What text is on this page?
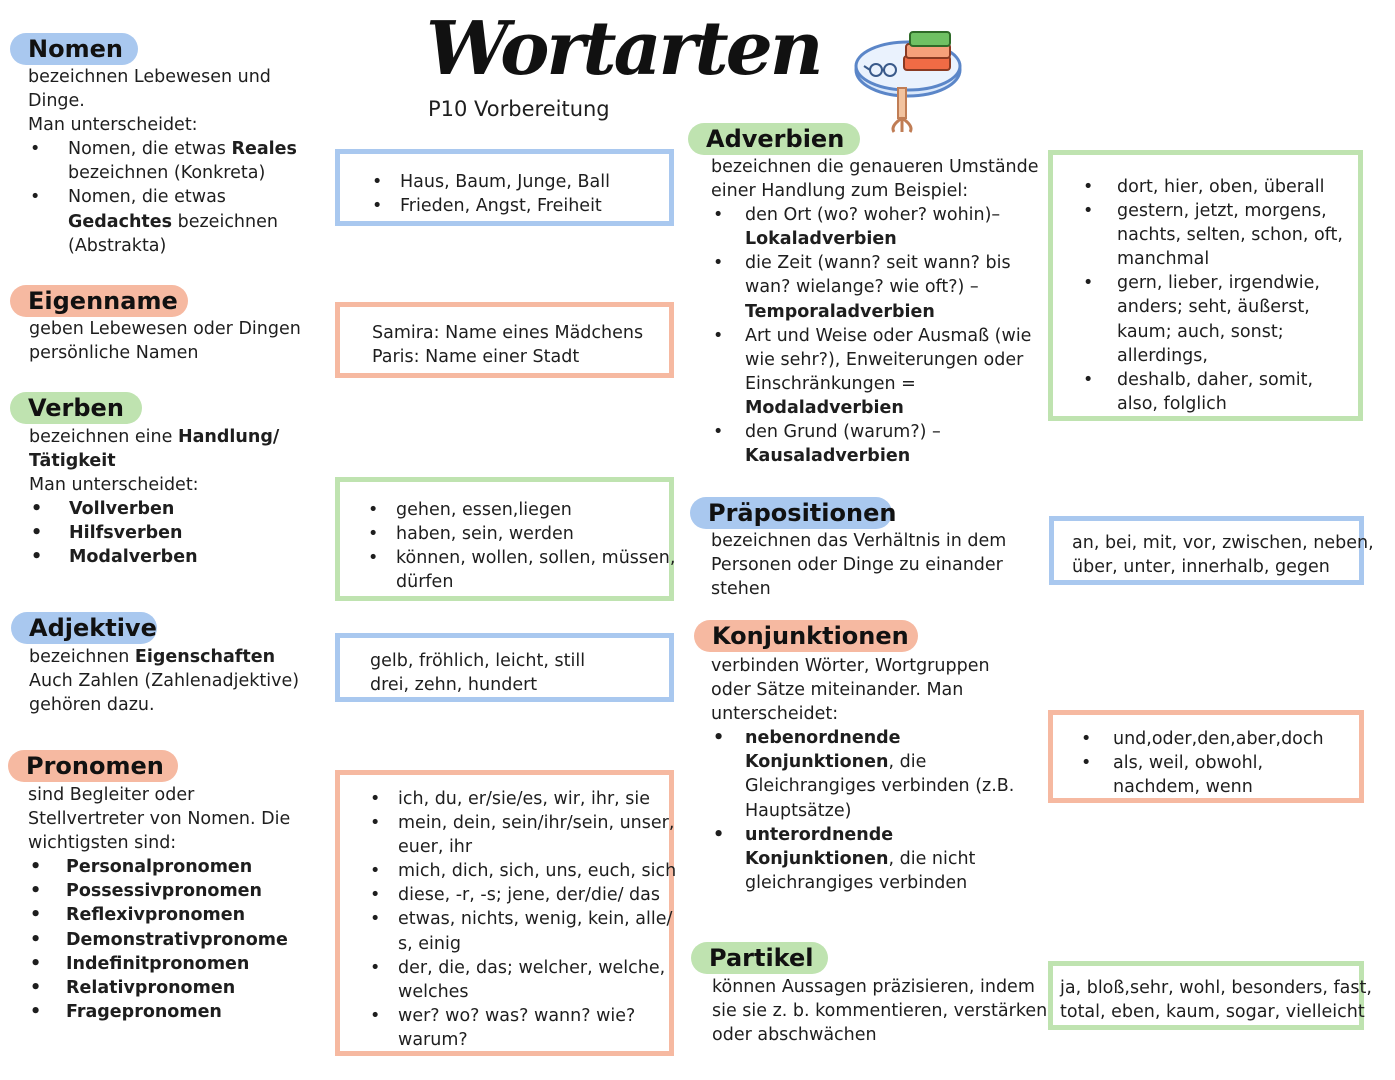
Wortarten
P10 Vorbereitung
Nomen
bezeichnen Lebewesen und
Dinge.
Man unterscheidet:
• Nomen, die etwas Reales
bezeichnen (Konkreta)
• Nomen, die etwas
Gedachtes bezeichnen
(Abstrakta)
• Haus, Baum, Junge, Ball
• Frieden, Angst, Freiheit
Eigenname
geben Lebewesen oder Dingen
persönliche Namen
Samira: Name eines Mädchens
Paris: Name einer Stadt
Verben
bezeichnen eine Handlung/
Tätigkeit
Man unterscheidet:
• Vollverben
• Hilfsverben
• Modalverben
• gehen, essen,liegen
• haben, sein, werden
• können, wollen, sollen, müssen,
dürfen
Adjektive
bezeichnen Eigenschaften
Auch Zahlen (Zahlenadjektive)
gehören dazu.
gelb, fröhlich, leicht, still
drei, zehn, hundert
Pronomen
sind Begleiter oder
Stellvertreter von Nomen. Die
wichtigsten sind:
• Personalpronomen
• Possessivpronomen
• Reflexivpronomen
• Demonstrativpronome
• Indefinitpronomen
• Relativpronomen
• Fragepronomen
• ich, du, er/sie/es, wir, ihr, sie
• mein, dein, sein/ihr/sein, unser,
euer, ihr
• mich, dich, sich, uns, euch, sich
• diese, -r, -s; jene, der/die/ das
• etwas, nichts, wenig, kein, alle/
s, einig
• der, die, das; welcher, welche,
welches
• wer? wo? was? wann? wie?
warum?
Adverbien
bezeichnen die genaueren Umstände
einer Handlung zum Beispiel:
• den Ort (wo? woher? wohin)–
Lokaladverbien
• die Zeit (wann? seit wann? bis
wan? wielange? wie oft?) –
Temporaladverbien
• Art und Weise oder Ausmaß (wie
wie sehr?), Enweiterungen oder
Einschränkungen =
Modaladverbien
• den Grund (warum?) –
Kausaladverbien
• dort, hier, oben, überall
• gestern, jetzt, morgens,
nachts, selten, schon, oft,
manchmal
• gern, lieber, irgendwie,
anders; seht, äußerst,
kaum; auch, sonst;
allerdings,
• deshalb, daher, somit,
also, folglich
Präpositionen
bezeichnen das Verhältnis in dem
Personen oder Dinge zu einander
stehen
an, bei, mit, vor, zwischen, neben,
über, unter, innerhalb, gegen
Konjunktionen
verbinden Wörter, Wortgruppen
oder Sätze miteinander. Man
unterscheidet:
• nebenordnende
Konjunktionen, die
Gleichrangiges verbinden (z.B.
Hauptsätze)
• unterordnende
Konjunktionen, die nicht
gleichrangiges verbinden
• und,oder,den,aber,doch
• als, weil, obwohl,
nachdem, wenn
Partikel
können Aussagen präzisieren, indem
sie sie z. b. kommentieren, verstärken
oder abschwächen
ja, bloß,sehr, wohl, besonders, fast,
total, eben, kaum, sogar, vielleicht
